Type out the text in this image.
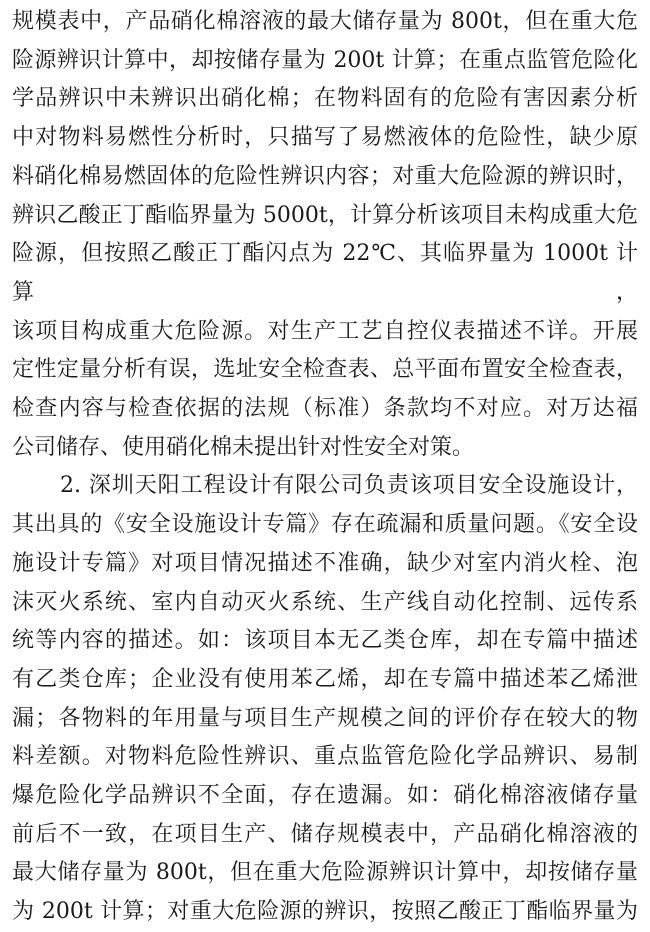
规模表中，产品硝化棉溶液的最大储存量为 800t，但在重大危
险源辨识计算中，却按储存量为 200t 计算；在重点监管危险化
学品辨识中未辨识出硝化棉；在物料固有的危险有害因素分析
中对物料易燃性分析时，只描写了易燃液体的危险性，缺少原
料硝化棉易燃固体的危险性辨识内容；对重大危险源的辨识时，
辨识乙酸正丁酯临界量为 5000t，计算分析该项目未构成重大危
险源，但按照乙酸正丁酯闪点为 22℃、其临界量为 1000t 计算，
该项目构成重大危险源。对生产工艺自控仪表描述不详。开展
定性定量分析有误，选址安全检查表、总平面布置安全检查表，
检查内容与检查依据的法规（标准）条款均不对应。对万达福
公司储存、使用硝化棉未提出针对性安全对策。
2. 深圳天阳工程设计有限公司负责该项目安全设施设计，
其出具的《安全设施设计专篇》存在疏漏和质量问题。《安全设
施设计专篇》对项目情况描述不准确，缺少对室内消火栓、泡
沫灭火系统、室内自动灭火系统、生产线自动化控制、远传系
统等内容的描述。如：该项目本无乙类仓库，却在专篇中描述
有乙类仓库；企业没有使用苯乙烯，却在专篇中描述苯乙烯泄
漏；各物料的年用量与项目生产规模之间的评价存在较大的物
料差额。对物料危险性辨识、重点监管危险化学品辨识、易制
爆危险化学品辨识不全面，存在遗漏。如：硝化棉溶液储存量
前后不一致，在项目生产、储存规模表中，产品硝化棉溶液的
最大储存量为 800t，但在重大危险源辨识计算中，却按储存量
为 200t 计算；对重大危险源的辨识，按照乙酸正丁酯临界量为
